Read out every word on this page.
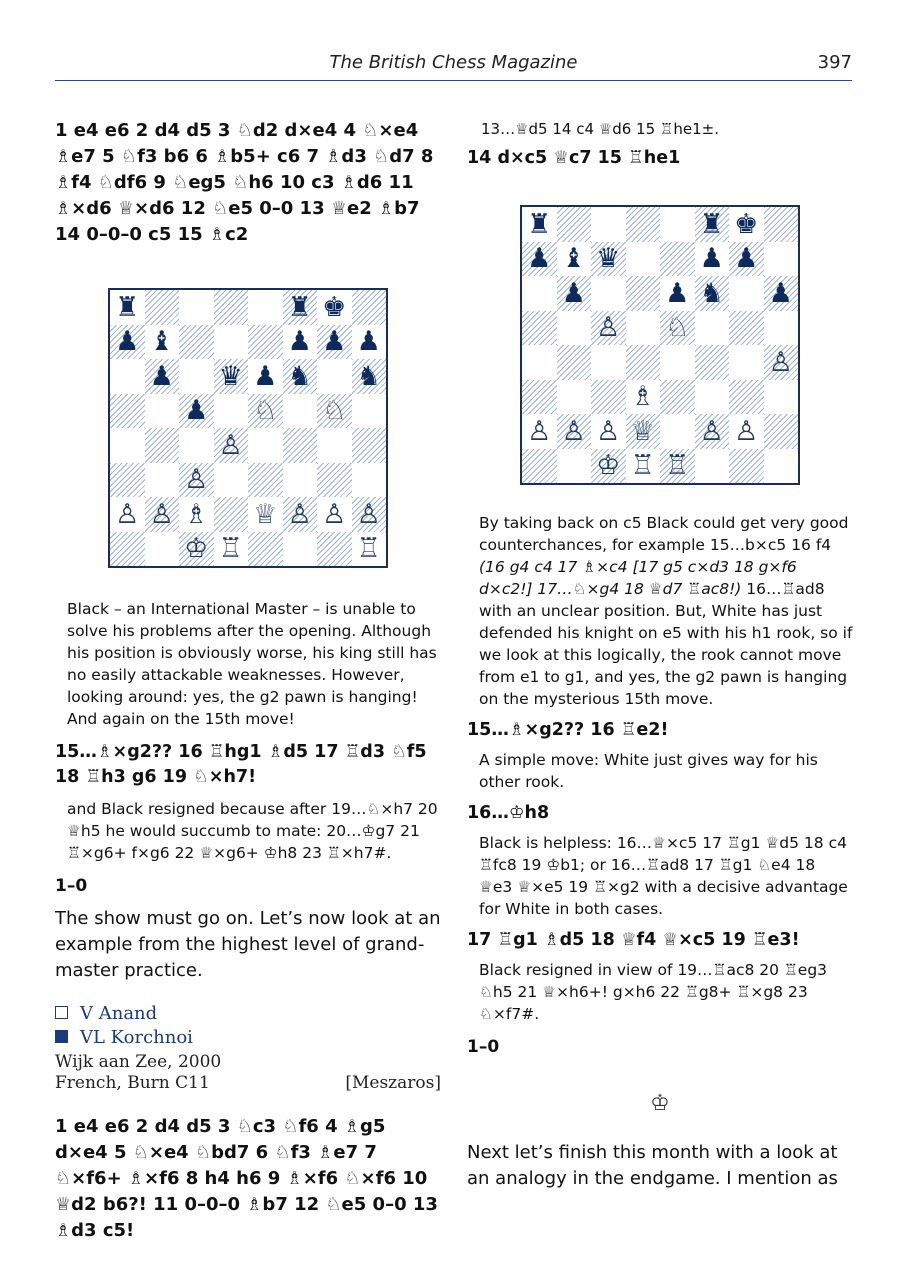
The British Chess Magazine	397

1 e4 e6 2 d4 d5 3 ♘d2 d×e4 4 ♘×e4 ♗e7 5 ♘f3 b6 6 ♗b5+ c6 7 ♗d3 ♘d7 8 ♗f4 ♘df6 9 ♘eg5 ♘h6 10 c3 ♗d6 11 ♗×d6 ♕×d6 12 ♘e5 0–0 13 ♕e2 ♗b7 14 0–0–0 c5 15 ♗c2

♜	♜ ♚
♟ ♝	♟ ♟ ♟
♟ ♛ ♟ ♞ ♞
♟ ♘ ♘
♙
♙
♙ ♙ ♗ ♕ ♙ ♙ ♙
♔ ♖	♖

Black – an International Master – is unable to solve his problems after the opening. Although his position is obviously worse, his king still has no easily attackable weaknesses. However, looking around: yes, the g2 pawn is hanging! And again on the 15th move!

15…♗×g2?? 16 ♖hg1 ♗d5 17 ♖d3 ♘f5 18 ♖h3 g6 19 ♘×h7!

and Black resigned because after 19…♘×h7 20 ♕h5 he would succumb to mate: 20…♔g7 21 ♖×g6+ f×g6 22 ♕×g6+ ♔h8 23 ♖×h7#.

1–0

The show must go on. Let’s now look at an example from the highest level of grand-master practice.

V Anand
VL Korchnoi
Wijk aan Zee, 2000
French, Burn C11	[Meszaros]

1 e4 e6 2 d4 d5 3 ♘c3 ♘f6 4 ♗g5 d×e4 5 ♘×e4 ♘bd7 6 ♘f3 ♗e7 7 ♘×f6+ ♗×f6 8 h4 h6 9 ♗×f6 ♘×f6 10 ♕d2 b6?! 11 0–0–0 ♗b7 12 ♘e5 0–0 13 ♗d3 c5!

13…♕d5 14 c4 ♕d6 15 ♖he1±.

14 d×c5 ♕c7 15 ♖he1

♜	♜ ♚
♟ ♝ ♛	♟ ♟
♟	♟ ♞ ♟
♙ ♘
♙
♗
♙ ♙ ♙ ♕ ♙ ♙
♔ ♖ ♖

By taking back on c5 Black could get very good counterchances, for example 15…b×c5 16 f4 (16 g4 c4 17 ♗×c4 [17 g5 c×d3 18 g×f6 d×c2!] 17…♘×g4 18 ♕d7 ♖ac8!) 16…♖ad8 with an unclear position. But, White has just defended his knight on e5 with his h1 rook, so if we look at this logically, the rook cannot move from e1 to g1, and yes, the g2 pawn is hanging on the mysterious 15th move.

15…♗×g2?? 16 ♖e2!

A simple move: White just gives way for his other rook.

16…♔h8

Black is helpless: 16…♕×c5 17 ♖g1 ♕d5 18 c4 ♖fc8 19 ♔b1; or 16…♖ad8 17 ♖g1 ♘e4 18 ♕e3 ♕×e5 19 ♖×g2 with a decisive advantage for White in both cases.

17 ♖g1 ♗d5 18 ♕f4 ♕×c5 19 ♖e3!

Black resigned in view of 19…♖ac8 20 ♖eg3 ♘h5 21 ♕×h6+! g×h6 22 ♖g8+ ♖×g8 23 ♘×f7#.

1–0

♔

Next let’s finish this month with a look at an analogy in the endgame. I mention as
